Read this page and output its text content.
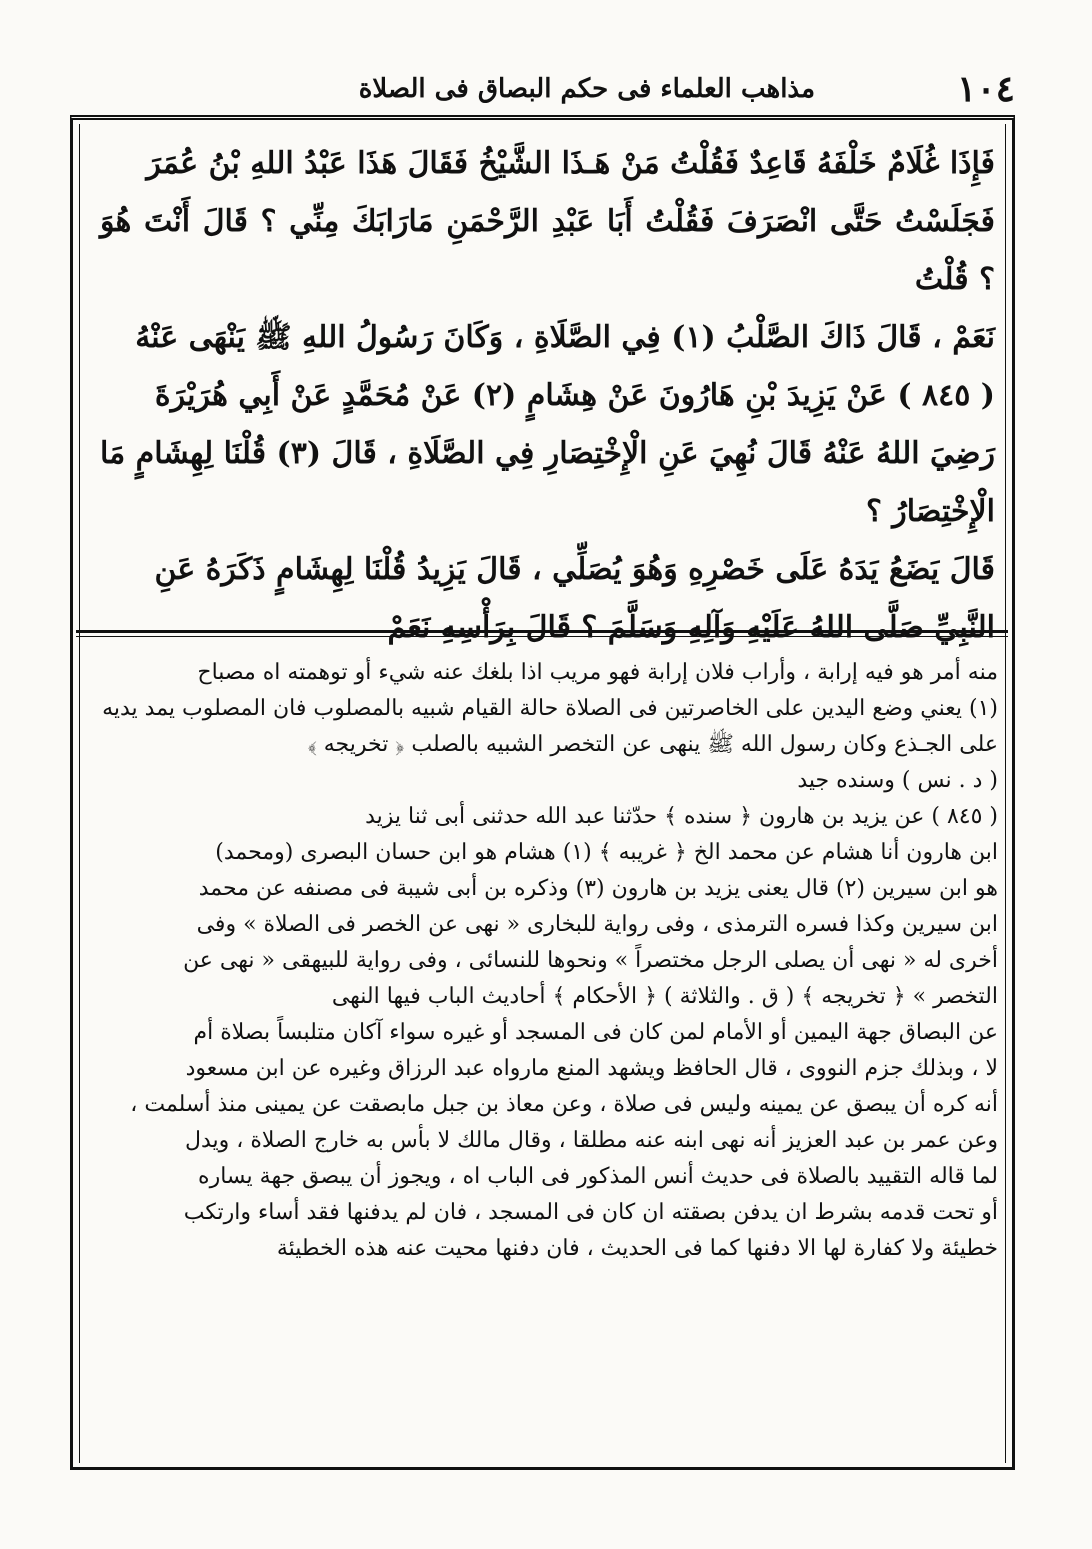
١٠٤
مذاهب العلماء فى حكم البصاق فى الصلاة

فَإِذَا غُلَامٌ خَلْفَهُ قَاعِدٌ فَقُلْتُ مَنْ هَـذَا الشَّيْخُ فَقَالَ هَذَا عَبْدُ اللهِ بْنُ عُمَرَ

فَجَلَسْتُ حَتَّى انْصَرَفَ فَقُلْتُ أَبَا عَبْدِ الرَّحْمَنِ مَارَابَكَ مِنِّي ؟ قَالَ أَنْتَ هُوَ ؟ قُلْتُ

نَعَمْ ، قَالَ ذَاكَ الصَّلْبُ (١) فِي الصَّلَاةِ ، وَكَانَ رَسُولُ اللهِ ﷺ يَنْهَى عَنْهُ

( ٨٤٥ ) عَنْ يَزِيدَ بْنِ هَارُونَ عَنْ هِشَامٍ (٢) عَنْ مُحَمَّدٍ عَنْ أَبِي هُرَيْرَةَ

رَضِيَ اللهُ عَنْهُ قَالَ نُهِيَ عَنِ الْإِخْتِصَارِ فِي الصَّلَاةِ ، قَالَ (٣) قُلْنَا لِهِشَامٍ مَا الْإِخْتِصَارُ ؟

قَالَ يَضَعُ يَدَهُ عَلَى خَصْرِهِ وَهُوَ يُصَلِّي ، قَالَ يَزِيدُ قُلْنَا لِهِشَامٍ ذَكَرَهُ عَنِ

النَّبِيِّ صَلَّى اللهُ عَلَيْهِ وَآلِهِ وَسَلَّمَ ؟ قَالَ بِرَأْسِهِ نَعَمْ

منه أمر هو فيه إرابة ، وأراب فلان إرابة فهو مريب اذا بلغك عنه شيء أو توهمته اه مصباح

(١) يعني وضع اليدين على الخاصرتين فى الصلاة حالة القيام شبيه بالمصلوب فان المصلوب يمد يديه

على الجـذع وكان رسول الله ﷺ ينهى عن التخصر الشبيه بالصلب ﴿ تخريجه ﴾

( د . نس ) وسنده جيد

( ٨٤٥ ) عن يزيد بن هارون ﴿ سنده ﴾ حدّثنا عبد الله حدثنى أبى ثنا يزيد

ابن هارون أنا هشام عن محمد الخ ﴿ غريبه ﴾ (١) هشام هو ابن حسان البصرى (ومحمد)

هو ابن سيرين (٢) قال يعنى يزيد بن هارون (٣) وذكره بن أبى شيبة فى مصنفه عن محمد

ابن سيرين وكذا فسره الترمذى ، وفى رواية للبخارى « نهى عن الخصر فى الصلاة » وفى

أخرى له « نهى أن يصلى الرجل مختصراً » ونحوها للنسائى ، وفى رواية للبيهقى « نهى عن

التخصر » ﴿ تخريجه ﴾ ( ق . والثلاثة ) ﴿ الأحكام ﴾ أحاديث الباب فيها النهى

عن البصاق جهة اليمين أو الأمام لمن كان فى المسجد أو غيره سواء آكان متلبساً بصلاة أم

لا ، وبذلك جزم النووى ، قال الحافظ ويشهد المنع مارواه عبد الرزاق وغيره عن ابن مسعود

أنه كره أن يبصق عن يمينه وليس فى صلاة ، وعن معاذ بن جبل مابصقت عن يمينى منذ أسلمت ،

وعن عمر بن عبد العزيز أنه نهى ابنه عنه مطلقا ، وقال مالك لا بأس به خارج الصلاة ، ويدل

لما قاله التقييد بالصلاة فى حديث أنس المذكور فى الباب اه ، ويجوز أن يبصق جهة يساره

أو تحت قدمه بشرط ان يدفن بصقته ان كان فى المسجد ، فان لم يدفنها فقد أساء وارتكب

خطيئة ولا كفارة لها الا دفنها كما فى الحديث ، فان دفنها محيت عنه هذه الخطيئة
